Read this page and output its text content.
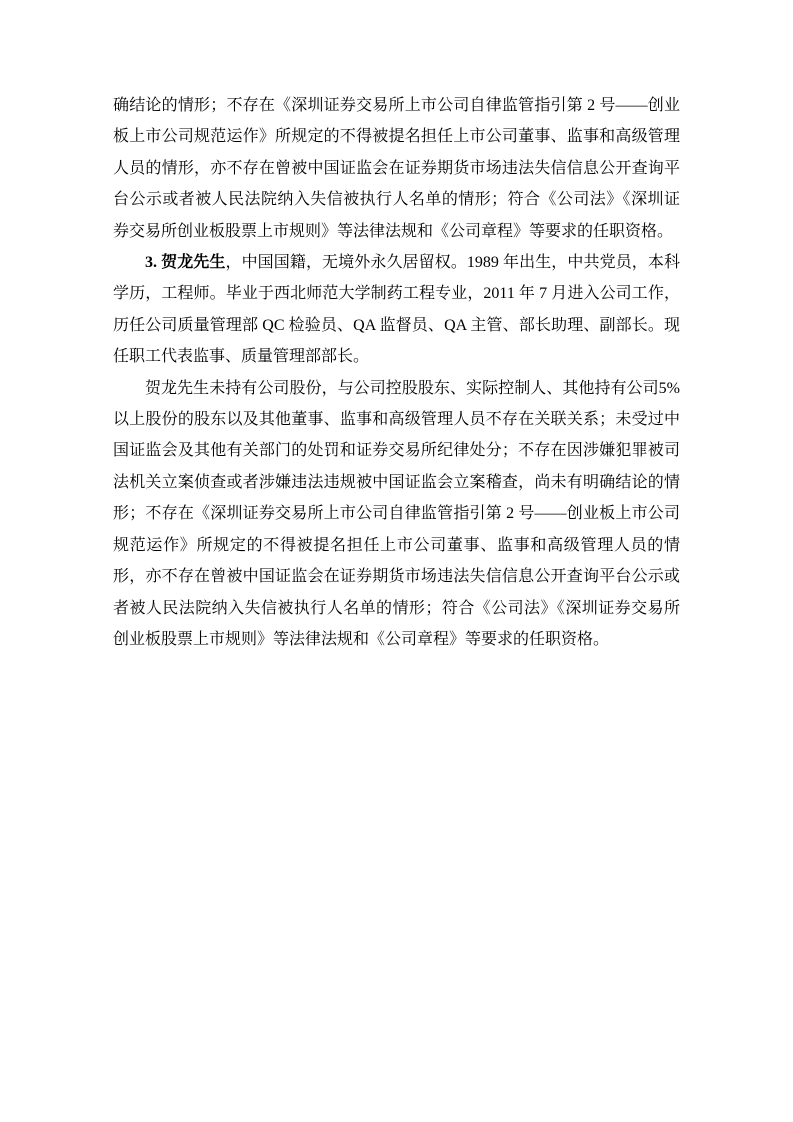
确结论的情形；不存在《深圳证券交易所上市公司自律监管指引第 2 号——创业板上市公司规范运作》所规定的不得被提名担任上市公司董事、监事和高级管理人员的情形，亦不存在曾被中国证监会在证券期货市场违法失信信息公开查询平台公示或者被人民法院纳入失信被执行人名单的情形；符合《公司法》《深圳证券交易所创业板股票上市规则》等法律法规和《公司章程》等要求的任职资格。

3. 贺龙先生，中国国籍，无境外永久居留权。1989 年出生，中共党员，本科学历，工程师。毕业于西北师范大学制药工程专业，2011 年 7 月进入公司工作，历任公司质量管理部 QC 检验员、QA 监督员、QA 主管、部长助理、副部长。现任职工代表监事、质量管理部部长。

贺龙先生未持有公司股份，与公司控股股东、实际控制人、其他持有公司5%以上股份的股东以及其他董事、监事和高级管理人员不存在关联关系；未受过中国证监会及其他有关部门的处罚和证券交易所纪律处分；不存在因涉嫌犯罪被司法机关立案侦查或者涉嫌违法违规被中国证监会立案稽查，尚未有明确结论的情形；不存在《深圳证券交易所上市公司自律监管指引第 2 号——创业板上市公司规范运作》所规定的不得被提名担任上市公司董事、监事和高级管理人员的情形，亦不存在曾被中国证监会在证券期货市场违法失信信息公开查询平台公示或者被人民法院纳入失信被执行人名单的情形；符合《公司法》《深圳证券交易所创业板股票上市规则》等法律法规和《公司章程》等要求的任职资格。
